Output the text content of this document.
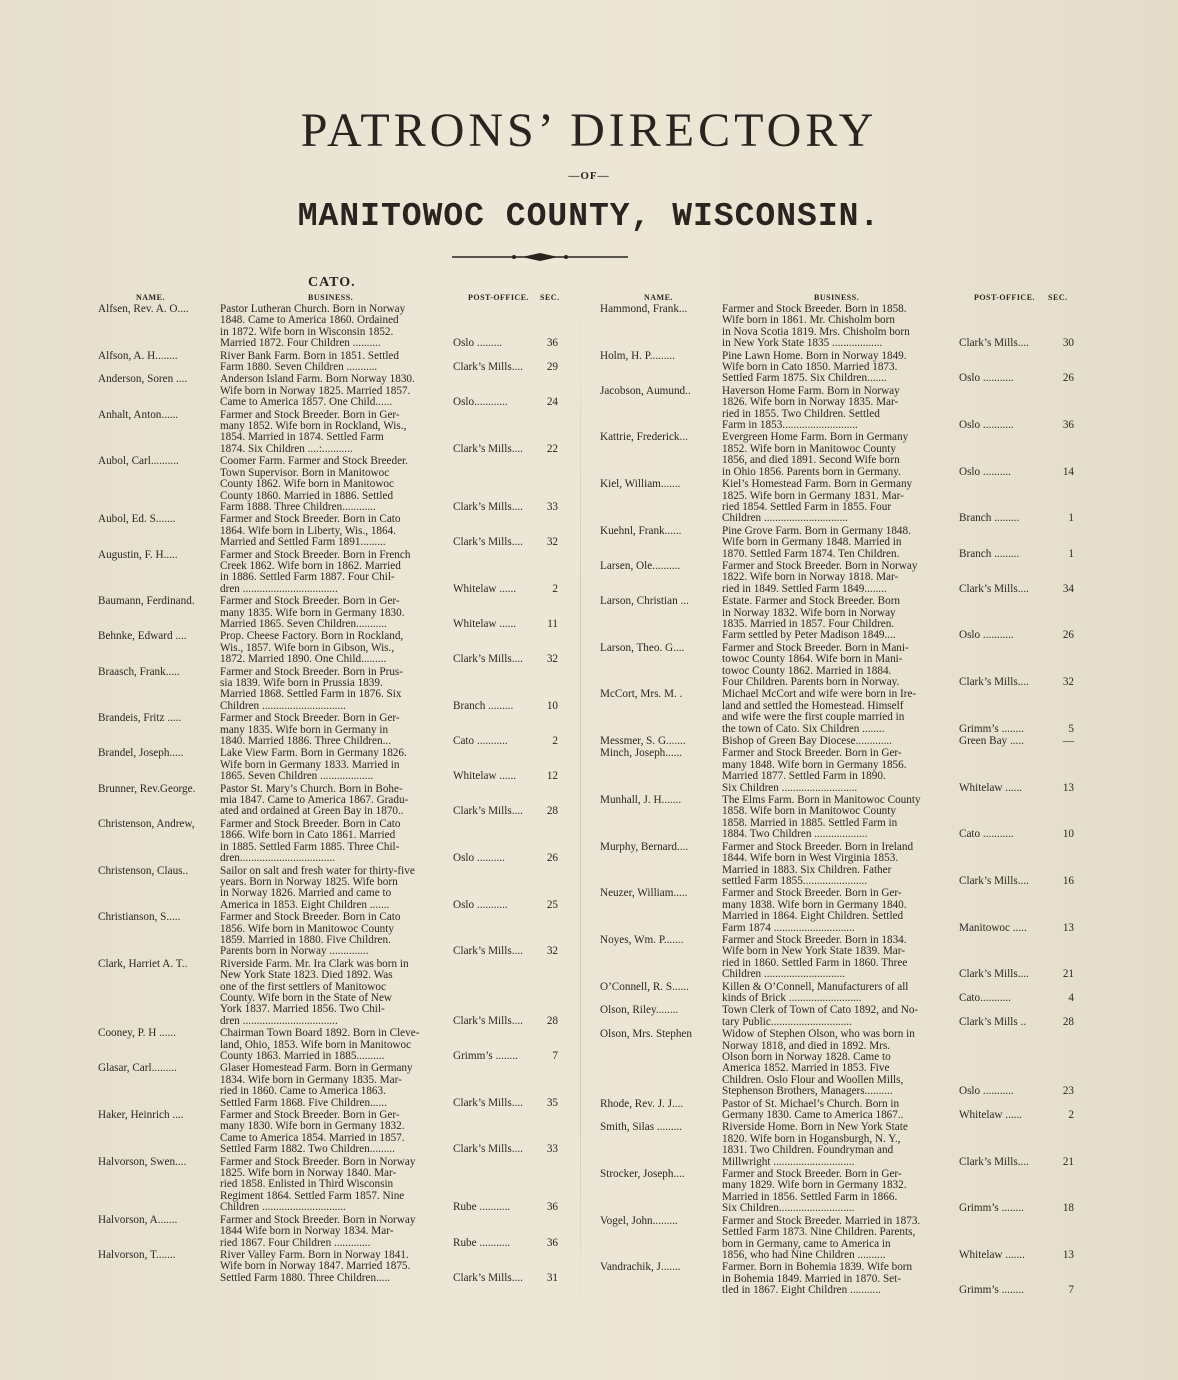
PATRONS’ DIRECTORY
—OF—
MANITOWOC COUNTY, WISCONSIN.
CATO.
NAME.	BUSINESS.	POST-OFFICE. SEC.
Alfsen, Rev. A. O....	Pastor Lutheran Church. Born in Norway
1848. Came to America 1860. Ordained
in 1872. Wife born in Wisconsin 1852.
Married 1872. Four Children ..........	Oslo .........	36
Alfson, A. H........	River Bank Farm. Born in 1851. Settled
Farm 1880. Seven Children ...........	Clark’s Mills....	29
Anderson, Soren ....	Anderson Island Farm. Born Norway 1830.
Wife born in Norway 1825. Married 1857.
Came to America 1857. One Child......	Oslo............	24
Anhalt, Anton......	Farmer and Stock Breeder. Born in Ger-
many 1852. Wife born in Rockland, Wis.,
1854. Married in 1874. Settled Farm
1874. Six Children ....:...........	Clark’s Mills....	22
Aubol, Carl..........	Coomer Farm. Farmer and Stock Breeder.
Town Supervisor. Born in Manitowoc
County 1862. Wife born in Manitowoc
County 1860. Married in 1886. Settled
Farm 1888. Three Children............	Clark’s Mills....	33
Aubol, Ed. S.......	Farmer and Stock Breeder. Born in Cato
1864. Wife born in Liberty, Wis., 1864.
Married and Settled Farm 1891.........	Clark’s Mills....	32
Augustin, F. H.....	Farmer and Stock Breeder. Born in French
Creek 1862. Wife born in 1862. Married
in 1886. Settled Farm 1887. Four Chil-
dren ..................................	Whitelaw ......	2
Baumann, Ferdinand. Farmer and Stock Breeder. Born in Ger-
many 1835. Wife born in Germany 1830.
Married 1865. Seven Children...........	Whitelaw ......	11
Behnke, Edward ....	Prop. Cheese Factory. Born in Rockland,
Wis., 1857. Wife born in Gibson, Wis.,
1872. Married 1890. One Child.........	Clark’s Mills....	32
Braasch, Frank.....	Farmer and Stock Breeder. Born in Prus-
sia 1839. Wife born in Prussia 1839.
Married 1868. Settled Farm in 1876. Six
Children ..............................	Branch .........	10
Brandeis, Fritz .....	Farmer and Stock Breeder. Born in Ger-
many 1835. Wife born in Germany in
1840. Married 1886. Three Children...	Cato ...........	2
Brandel, Joseph.....	Lake View Farm. Born in Germany 1826.
Wife born in Germany 1833. Married in
1865. Seven Children ...................	Whitelaw ......	12
Brunner, Rev.George. Pastor St. Mary’s Church. Born in Bohe-
mia 1847. Came to America 1867. Gradu-
ated and ordained at Green Bay in 1870..	Clark’s Mills....	28
Christenson, Andrew, Farmer and Stock Breeder. Born in Cato
1866. Wife born in Cato 1861. Married
in 1885. Settled Farm 1885. Three Chil-
dren..................................	Oslo ..........	26
Christenson, Claus..	Sailor on salt and fresh water for thirty-five
years. Born in Norway 1825. Wife born
in Norway 1826. Married and came to
America in 1853. Eight Children .......	Oslo ...........	25
Christianson, S.....	Farmer and Stock Breeder. Born in Cato
1856. Wife born in Manitowoc County
1859. Married in 1880. Five Children.
Parents born in Norway ..............	Clark’s Mills....	32
Clark, Harriet A. T..	Riverside Farm. Mr. Ira Clark was born in
New York State 1823. Died 1892. Was
one of the first settlers of Manitowoc
County. Wife born in the State of New
York 1837. Married 1856. Two Chil-
dren ..................................	Clark’s Mills....	28
Cooney, P. H ......	Chairman Town Board 1892. Born in Cleve-
land, Ohio, 1853. Wife born in Manitowoc
County 1863. Married in 1885..........	Grimm’s ........	7
Glasar, Carl.........	Glaser Homestead Farm. Born in Germany
1834. Wife born in Germany 1835. Mar-
ried in 1860. Came to America 1863.
Settled Farm 1868. Five Children......	Clark’s Mills....	35
Haker, Heinrich ....	Farmer and Stock Breeder. Born in Ger-
many 1830. Wife born in Germany 1832.
Came to America 1854. Married in 1857.
Settled Farm 1882. Two Children.........	Clark’s Mills....	33
Halvorson, Swen....	Farmer and Stock Breeder. Born in Norway
1825. Wife born in Norway 1840. Mar-
ried 1858. Enlisted in Third Wisconsin
Regiment 1864. Settled Farm 1857. Nine
Children ..............................	Rube ...........	36
Halvorson, A.......	Farmer and Stock Breeder. Born in Norway
1844 Wife born in Norway 1834. Mar-
ried 1867. Four Children .............	Rube ...........	36
Halvorson, T.......	River Valley Farm. Born in Norway 1841.
Wife born in Norway 1847. Married 1875.
Settled Farm 1880. Three Children.....	Clark’s Mills....	31
NAME.	BUSINESS.	POST-OFFICE. SEC.
Hammond, Frank...	Farmer and Stock Breeder. Born in 1858.
Wife born in 1861. Mr. Chisholm born
in Nova Scotia 1819. Mrs. Chisholm born
in New York State 1835 ..................	Clark’s Mills....	30
Holm, H. P.........	Pine Lawn Home. Born in Norway 1849.
Wife born in Cato 1850. Married 1873.
Settled Farm 1875. Six Children.......	Oslo ...........	26
Jacobson, Aumund..	Haverson Home Farm. Born in Norway
1826. Wife born in Norway 1835. Mar-
ried in 1855. Two Children. Settled
Farm in 1853...........................	Oslo ...........	36
Kattrie, Frederick...	Evergreen Home Farm. Born in Germany
1852. Wife born in Manitowoc County
1856, and died 1891. Second Wife born
in Ohio 1856. Parents born in Germany.	Oslo ..........	14
Kiel, William.......	Kiel’s Homestead Farm. Born in Germany
1825. Wife born in Germany 1831. Mar-
ried 1854. Settled Farm in 1855. Four
Children ..............................	Branch .........	1
Kuehnl, Frank......	Pine Grove Farm. Born in Germany 1848.
Wife born in Germany 1848. Married in
1870. Settled Farm 1874. Ten Children.	Branch .........	1
Larsen, Ole..........	Farmer and Stock Breeder. Born in Norway
1822. Wife born in Norway 1818. Mar-
ried in 1849. Settled Farm 1849........	Clark’s Mills....	34
Larson, Christian ...	Estate. Farmer and Stock Breeder. Born
in Norway 1832. Wife born in Norway
1835. Married in 1857. Four Children.
Farm settled by Peter Madison 1849....	Oslo ...........	26
Larson, Theo. G....	Farmer and Stock Breeder. Born in Mani-
towoc County 1864. Wife born in Mani-
towoc County 1862. Married in 1884.
Four Children. Parents born in Norway.	Clark’s Mills....	32
McCort, Mrs. M. .	Michael McCort and wife were born in Ire-
land and settled the Homestead. Himself
and wife were the first couple married in
the town of Cato. Six Children ........	Grimm’s ........	5
Messmer, S. G.......	Bishop of Green Bay Diocese.............	Green Bay .....	—
Minch, Joseph......	Farmer and Stock Breeder. Born in Ger-
many 1848. Wife born in Germany 1856.
Married 1877. Settled Farm in 1890.
Six Children ...........................	Whitelaw ......	13
Munhall, J. H.......	The Elms Farm. Born in Manitowoc County
1858. Wife born in Manitowoc County
1858. Married in 1885. Settled Farm in
1884. Two Children ...................	Cato ...........	10
Murphy, Bernard....	Farmer and Stock Breeder. Born in Ireland
1844. Wife born in West Virginia 1853.
Married in 1883. Six Children. Father
settled Farm 1855.......................	Clark’s Mills....	16
Neuzer, William.....	Farmer and Stock Breeder. Born in Ger-
many 1838. Wife born in Germany 1840.
Married in 1864. Eight Children. Settled
Farm 1874 .............................	Manitowoc .....	13
Noyes, Wm. P.......	Farmer and Stock Breeder. Born in 1834.
Wife born in New York State 1839. Mar-
ried in 1860. Settled Farm in 1860. Three
Children .............................	Clark’s Mills....	21
O’Connell, R. S......	Killen & O’Connell, Manufacturers of all
kinds of Brick ..........................	Cato...........	4
Olson, Riley........	Town Clerk of Town of Cato 1892, and No-
tary Public.............................	Clark’s Mills ..	28
Olson, Mrs. Stephen	Widow of Stephen Olson, who was born in
Norway 1818, and died in 1892. Mrs.
Olson born in Norway 1828. Came to
America 1852. Married in 1853. Five
Children. Oslo Flour and Woollen Mills,
Stephenson Brothers, Managers..........	Oslo ...........	23
Rhode, Rev. J. J....	Pastor of St. Michael’s Church. Born in
Germany 1830. Came to America 1867..	Whitelaw ......	2
Smith, Silas .........	Riverside Home. Born in New York State
1820. Wife born in Hogansburgh, N. Y.,
1831. Two Children. Foundryman and
Millwright .............................	Clark’s Mills....	21
Strocker, Joseph....	Farmer and Stock Breeder. Born in Ger-
many 1829. Wife born in Germany 1832.
Married in 1856. Settled Farm in 1866.
Six Children...........................	Grimm’s ........	18
Vogel, John.........	Farmer and Stock Breeder. Married in 1873.
Settled Farm 1873. Nine Children. Parents,
born in Germany, came to America in
1856, who had Nine Children ..........	Whitelaw .......	13
Vandrachik, J.......	Farmer. Born in Bohemia 1839. Wife born
in Bohemia 1849. Married in 1870. Set-
tled in 1867. Eight Children ...........	Grimm’s ........	7
